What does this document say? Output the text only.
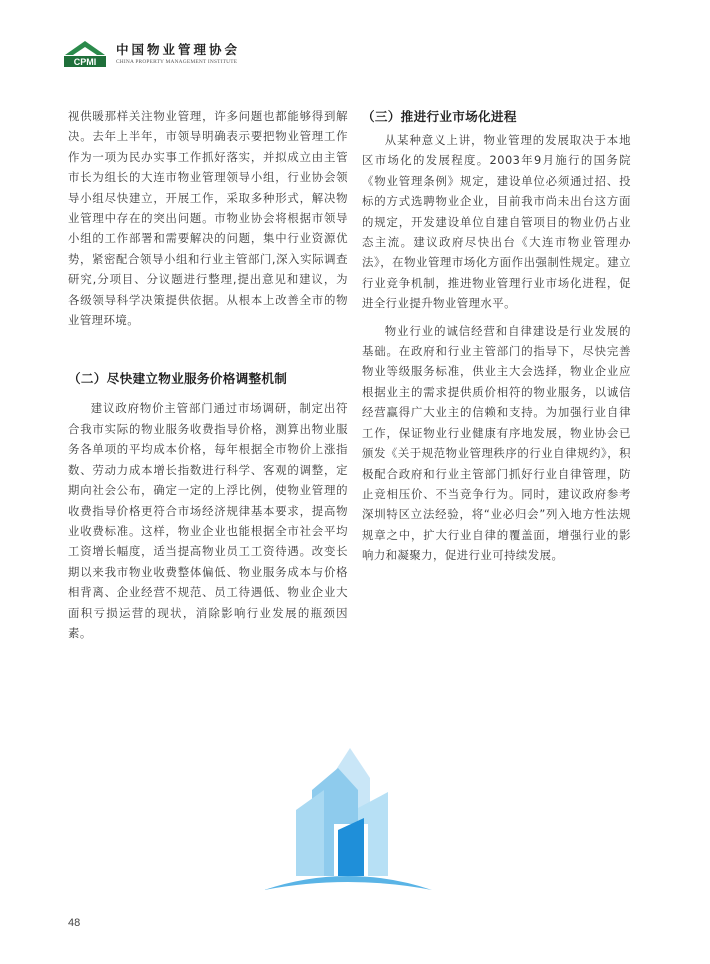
CPMI
中国物业管理协会
CHINA PROPERTY MANAGEMENT INSTITUTE

视供暖那样关注物业管理，许多问题也都能够得到解决。去年上半年，市领导明确表示要把物业管理工作作为一项为民办实事工作抓好落实，并拟成立由主管市长为组长的大连市物业管理领导小组，行业协会领导小组尽快建立，开展工作，采取多种形式，解决物业管理中存在的突出问题。市物业协会将根据市领导小组的工作部署和需要解决的问题，集中行业资源优势，紧密配合领导小组和行业主管部门,深入实际调查研究,分项目、分议题进行整理,提出意见和建议，为各级领导科学决策提供依据。从根本上改善全市的物业管理环境。

（二）尽快建立物业服务价格调整机制

建议政府物价主管部门通过市场调研，制定出符合我市实际的物业服务收费指导价格，测算出物业服务各单项的平均成本价格，每年根据全市物价上涨指数、劳动力成本增长指数进行科学、客观的调整，定期向社会公布，确定一定的上浮比例，使物业管理的收费指导价格更符合市场经济规律基本要求，提高物业收费标准。这样，物业企业也能根据全市社会平均工资增长幅度，适当提高物业员工工资待遇。改变长期以来我市物业收费整体偏低、物业服务成本与价格相背离、企业经营不规范、员工待遇低、物业企业大面积亏损运营的现状，消除影响行业发展的瓶颈因素。

（三）推进行业市场化进程

从某种意义上讲，物业管理的发展取决于本地区市场化的发展程度。2003年9月施行的国务院《物业管理条例》规定，建设单位必须通过招、投标的方式选聘物业企业，目前我市尚未出台这方面的规定，开发建设单位自建自管项目的物业仍占业态主流。建议政府尽快出台《大连市物业管理办法》，在物业管理市场化方面作出强制性规定。建立行业竞争机制，推进物业管理行业市场化进程，促进全行业提升物业管理水平。

物业行业的诚信经营和自律建设是行业发展的基础。在政府和行业主管部门的指导下，尽快完善物业等级服务标准，供业主大会选择，物业企业应根据业主的需求提供质价相符的物业服务，以诚信经营赢得广大业主的信赖和支持。为加强行业自律工作，保证物业行业健康有序地发展，物业协会已颁发《关于规范物业管理秩序的行业自律规约》，积极配合政府和行业主管部门抓好行业自律管理，防止竞相压价、不当竞争行为。同时，建议政府参考深圳特区立法经验，将“业必归会”列入地方性法规规章之中，扩大行业自律的覆盖面，增强行业的影响力和凝聚力，促进行业可持续发展。

48
